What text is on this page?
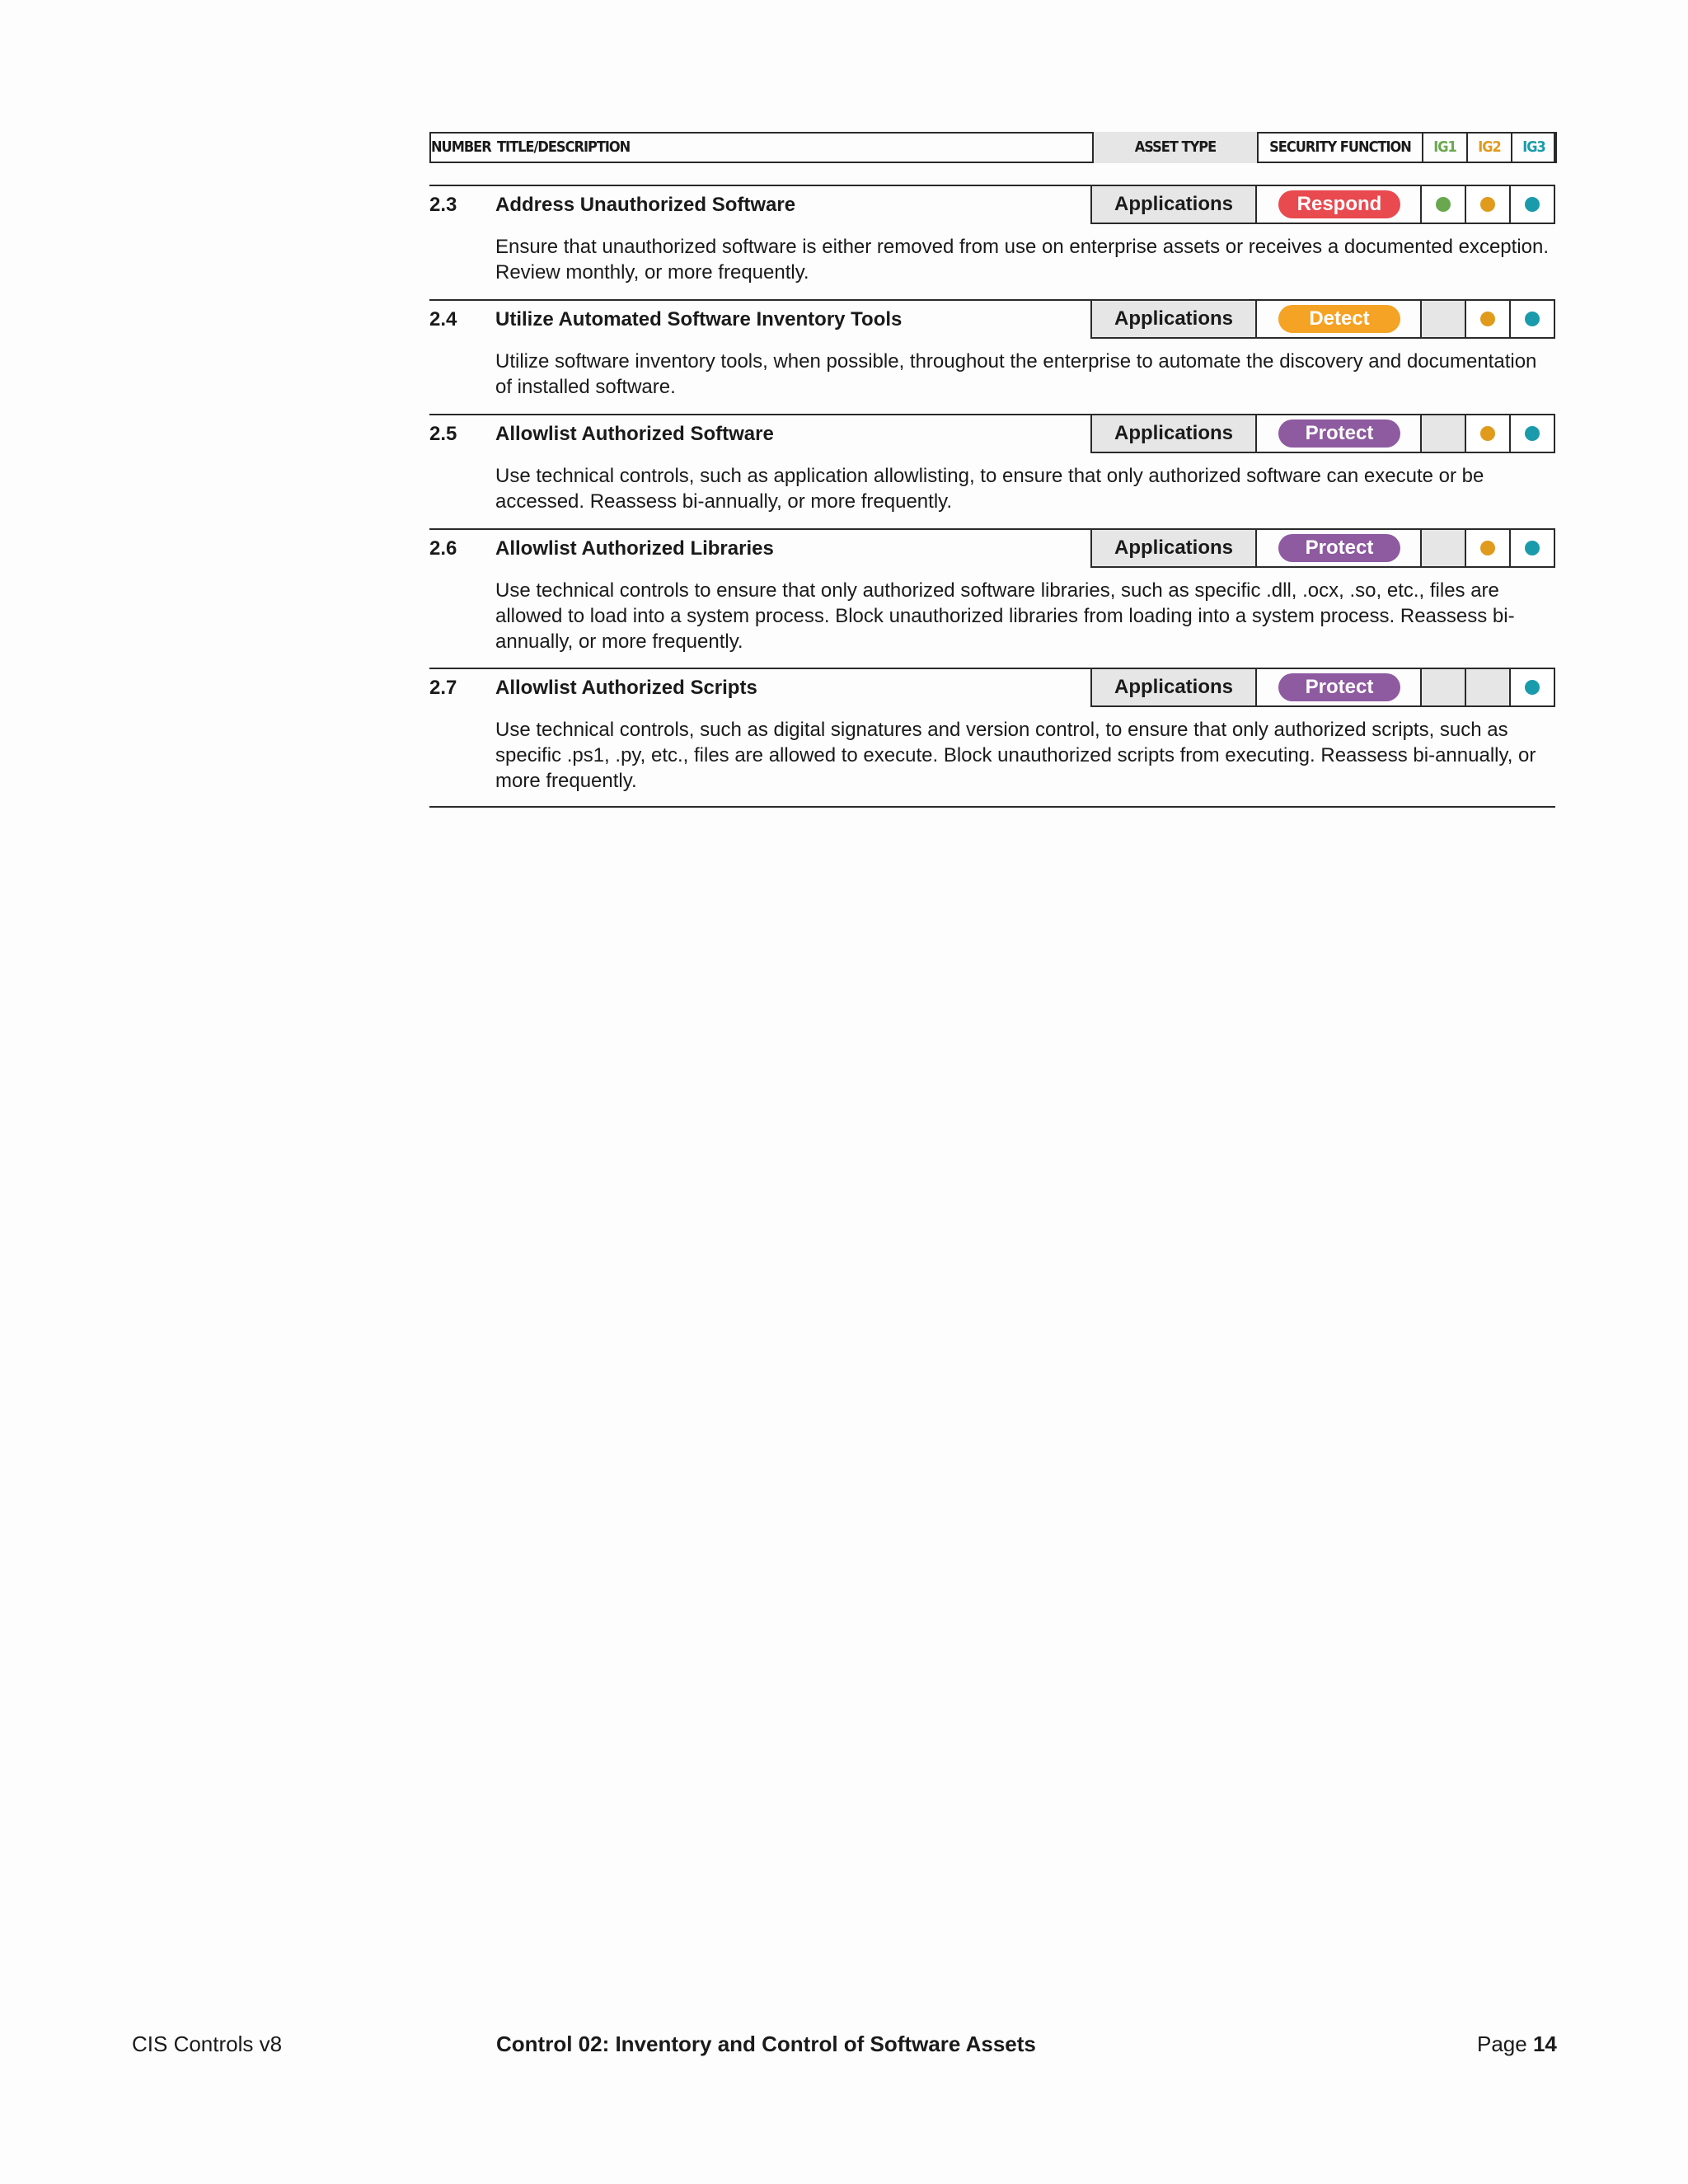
NUMBER TITLE/DESCRIPTION	ASSET TYPE	SECURITY FUNCTION	IG1	IG2	IG3
2.3 Address Unauthorized Software	Applications	Respond
Ensure that unauthorized software is either removed from use on enterprise assets or receives a documented exception. Review monthly, or more frequently.
2.4 Utilize Automated Software Inventory Tools	Applications	Detect
Utilize software inventory tools, when possible, throughout the enterprise to automate the discovery and documentation of installed software.
2.5 Allowlist Authorized Software	Applications	Protect
Use technical controls, such as application allowlisting, to ensure that only authorized software can execute or be accessed. Reassess bi-annually, or more frequently.
2.6 Allowlist Authorized Libraries	Applications	Protect
Use technical controls to ensure that only authorized software libraries, such as specific .dll, .ocx, .so, etc., files are allowed to load into a system process. Block unauthorized libraries from loading into a system process. Reassess bi-annually, or more frequently.
2.7 Allowlist Authorized Scripts	Applications	Protect
Use technical controls, such as digital signatures and version control, to ensure that only authorized scripts, such as specific .ps1, .py, etc., files are allowed to execute. Block unauthorized scripts from executing. Reassess bi-annually, or more frequently.
CIS Controls v8	Control 02: Inventory and Control of Software Assets	Page 14
